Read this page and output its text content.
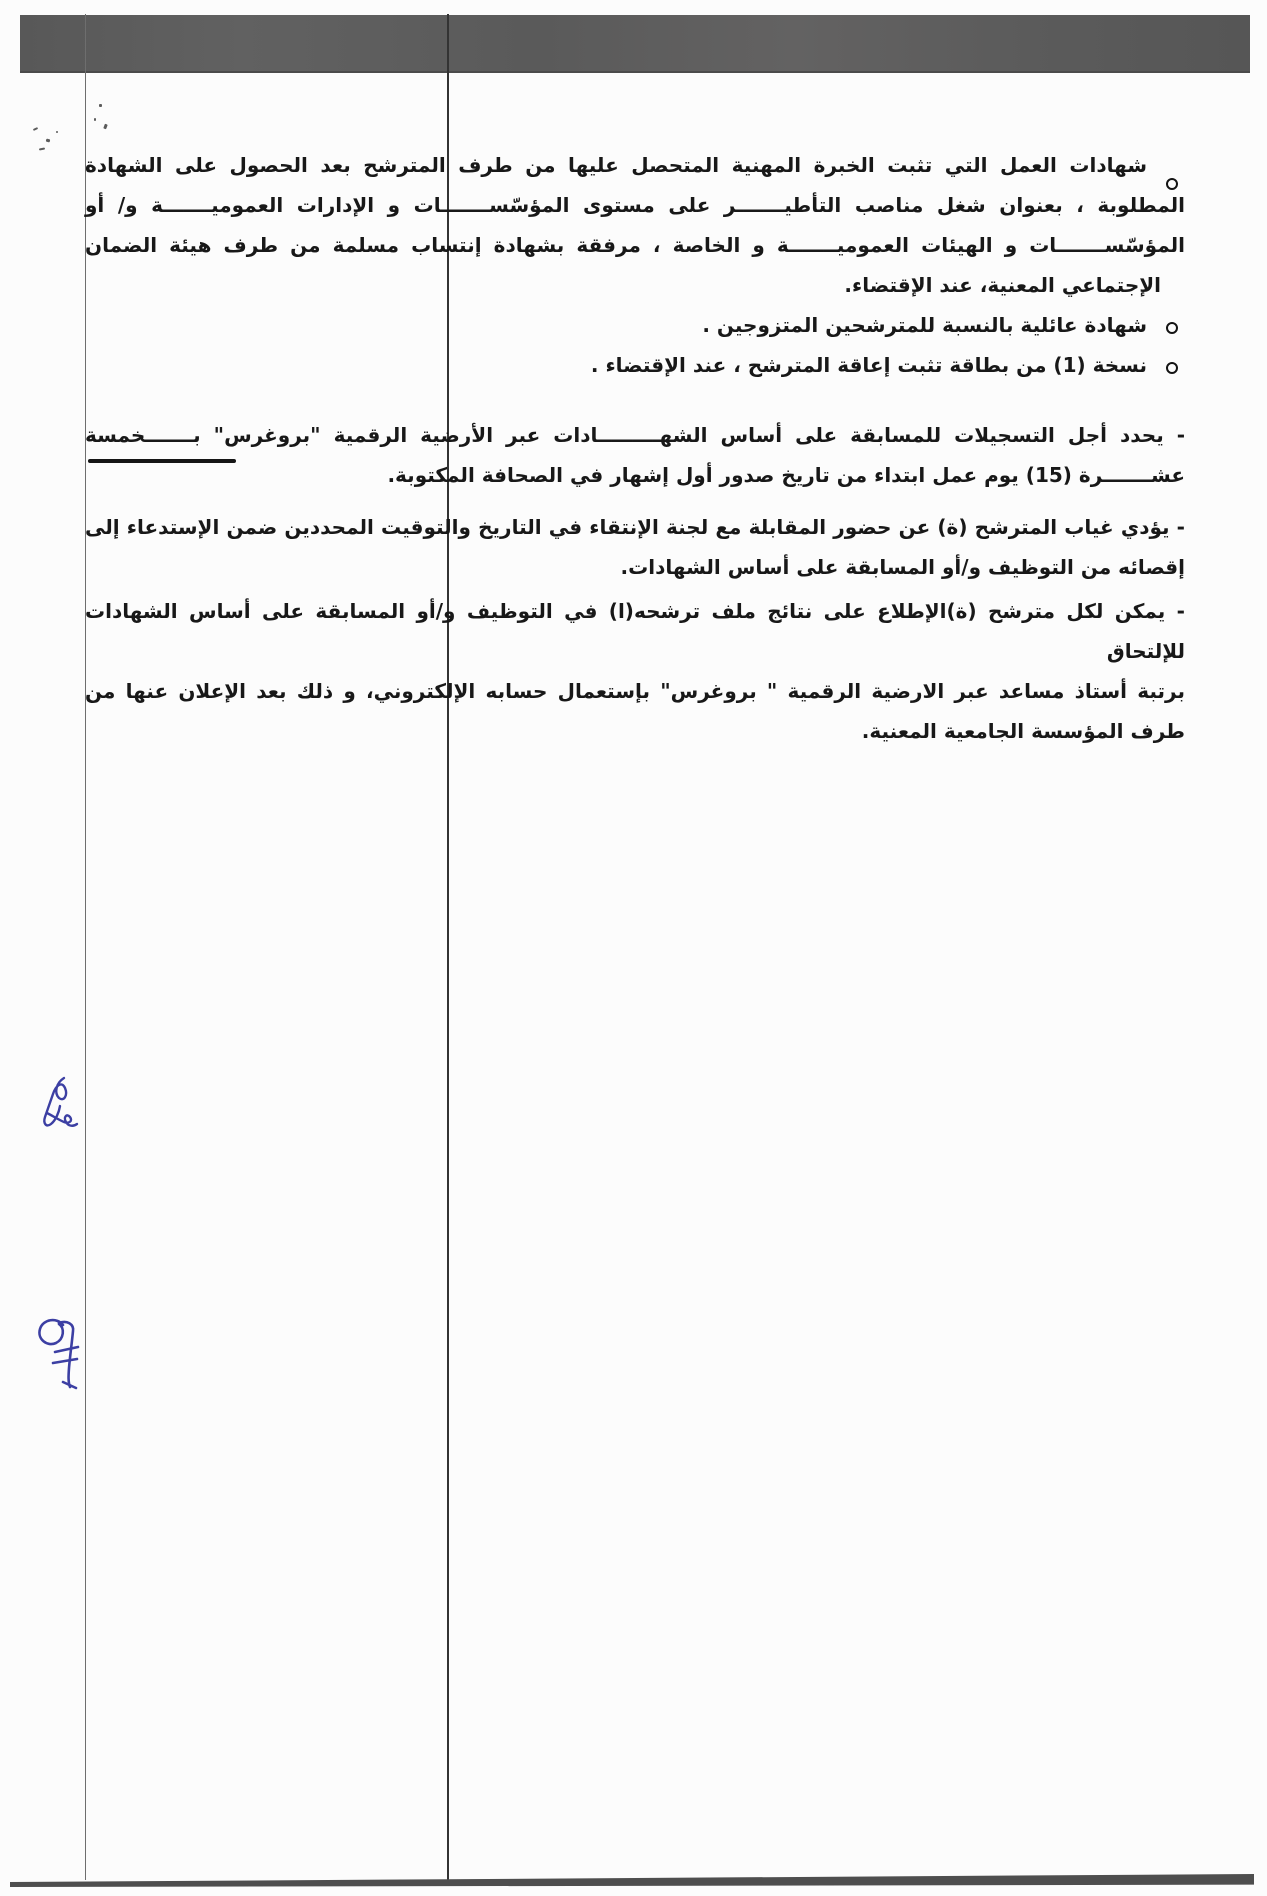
شهادات العمل التي تثبت الخبرة المهنية المتحصل عليها من طرف المترشح بعد الحصول على الشهادة
المطلوبة ، بعنوان شغل مناصب التأطيـــــــر على مستوى المؤسّســـــــات و الإدارات العموميـــــــة و/ أو
المؤسّســـــــات و الهيئات العموميـــــــة و الخاصة ، مرفقة بشهادة إنتساب مسلمة من طرف هيئة الضمان
الإجتماعي المعنية، عند الإقتضاء.
شهادة عائلية بالنسبة للمترشحين المتزوجين .
نسخة (1) من بطاقة تثبت إعاقة المترشح ، عند الإقتضاء .
- يحدد أجل التسجيلات للمسابقة على أساس الشهـــــــــادات عبر الأرضية الرقمية "بروغرس" بـــــــخمسة
عشـــــــرة (15) يوم عمل ابتداء من تاريخ صدور أول إشهار في الصحافة المكتوبة.
- يؤدي غياب المترشح (ة) عن حضور المقابلة مع لجنة الإنتقاء في التاريخ والتوقيت المحددين ضمن الإستدعاء إلى
إقصائه من التوظيف و/أو المسابقة على أساس الشهادات.
- يمكن لكل مترشح (ة)الإطلاع على نتائج ملف ترشحه(ا) في التوظيف و/أو المسابقة على أساس الشهادات للإلتحاق
برتبة أستاذ مساعد عبر الارضية الرقمية " بروغرس" بإستعمال حسابه الإلكتروني، و ذلك بعد الإعلان عنها من
طرف المؤسسة الجامعية المعنية.
